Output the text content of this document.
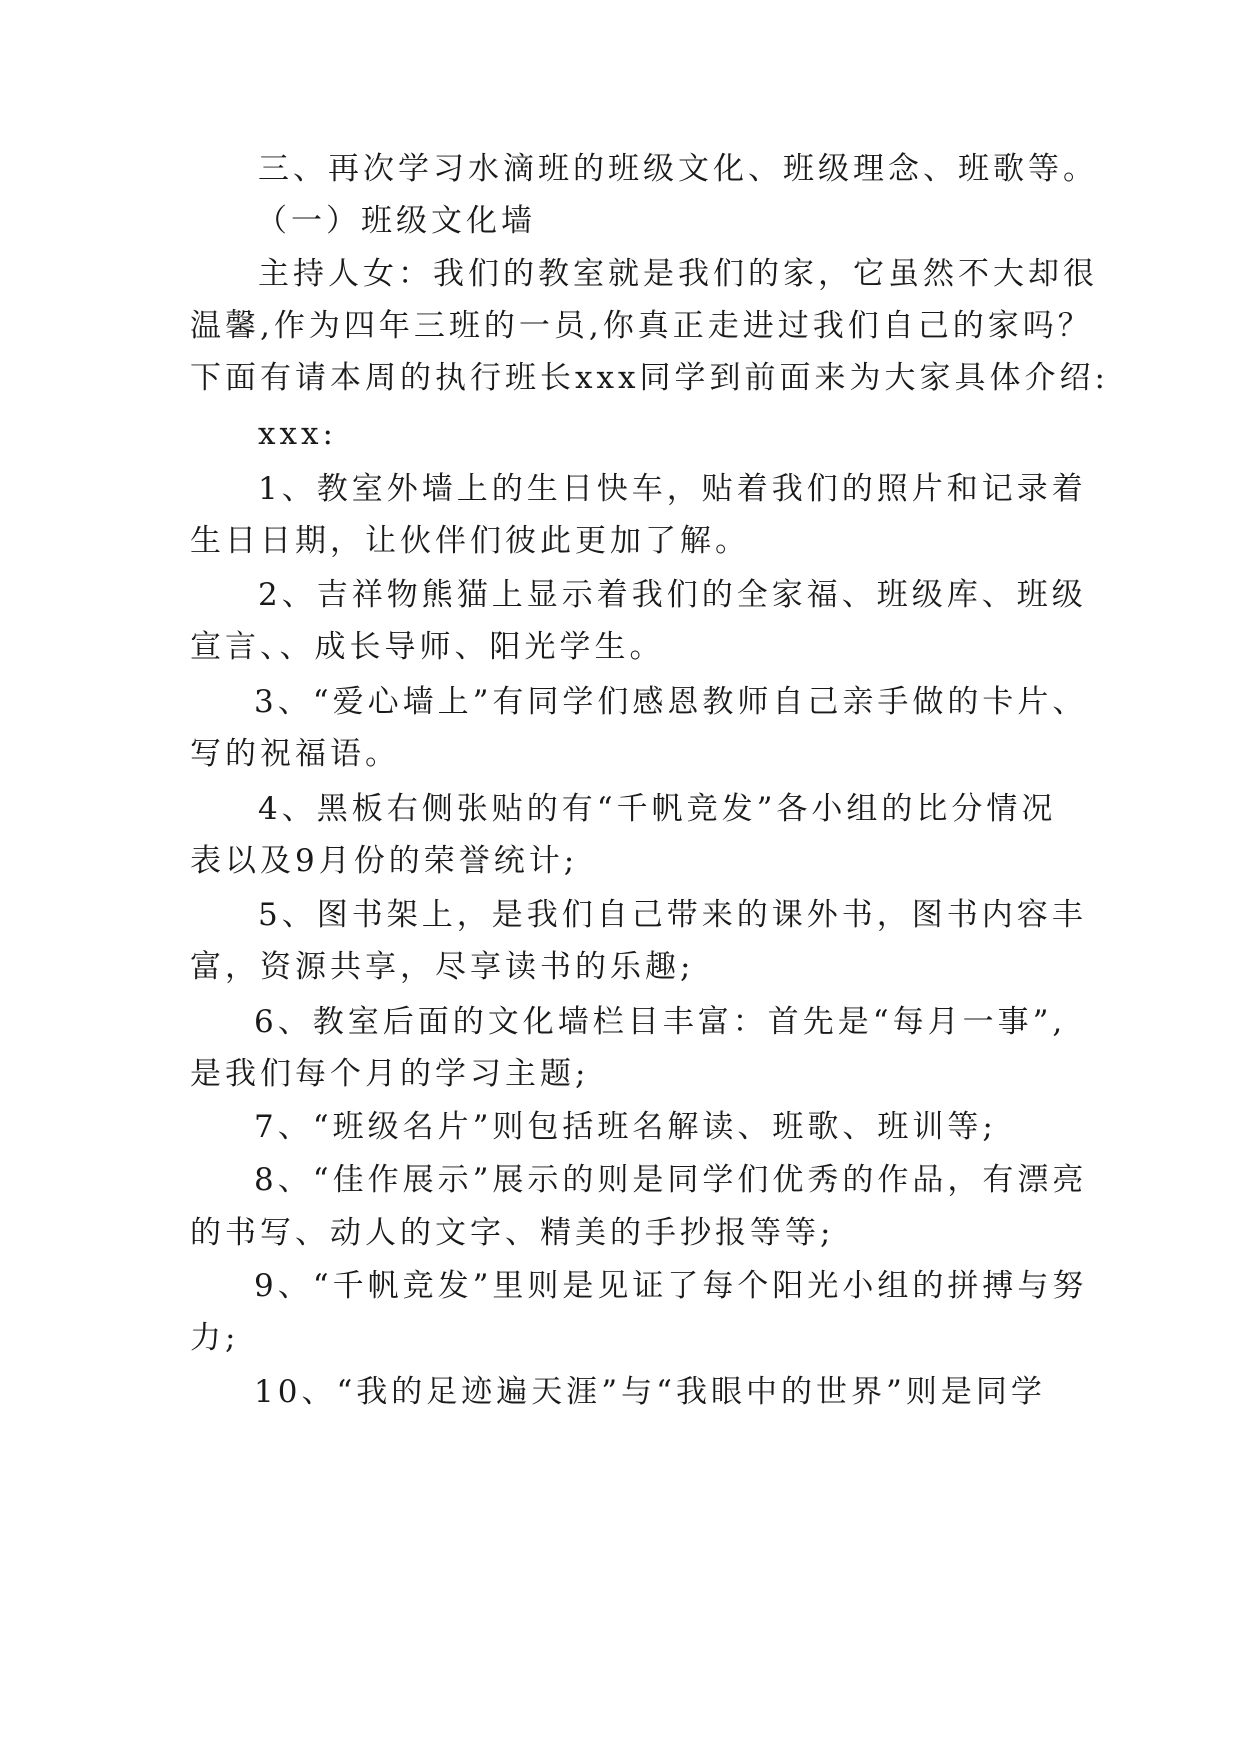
三、再次学习水滴班的班级文化、班级理念、班歌等。
（一）班级文化墙
主持人女：我们的教室就是我们的家，它虽然不大却很
温馨,作为四年三班的一员,你真正走进过我们自己的家吗？
下面有请本周的执行班长xxx同学到前面来为大家具体介绍:
xxx:
1、教室外墙上的生日快车，贴着我们的照片和记录着
生日日期，让伙伴们彼此更加了解。
2、吉祥物熊猫上显示着我们的全家福、班级库、班级
宣言、、成长导师、阳光学生。
3、“爱心墙上”有同学们感恩教师自己亲手做的卡片、
写的祝福语。
4、黑板右侧张贴的有“千帆竞发”各小组的比分情况
表以及9月份的荣誉统计;
5、图书架上，是我们自己带来的课外书，图书内容丰
富，资源共享，尽享读书的乐趣;
6、教室后面的文化墙栏目丰富：首先是“每月一事”,
是我们每个月的学习主题;
7、“班级名片”则包括班名解读、班歌、班训等;
8、“佳作展示”展示的则是同学们优秀的作品，有漂亮
的书写、动人的文字、精美的手抄报等等;
9、“千帆竞发”里则是见证了每个阳光小组的拼搏与努
力;
10、“我的足迹遍天涯”与“我眼中的世界”则是同学
